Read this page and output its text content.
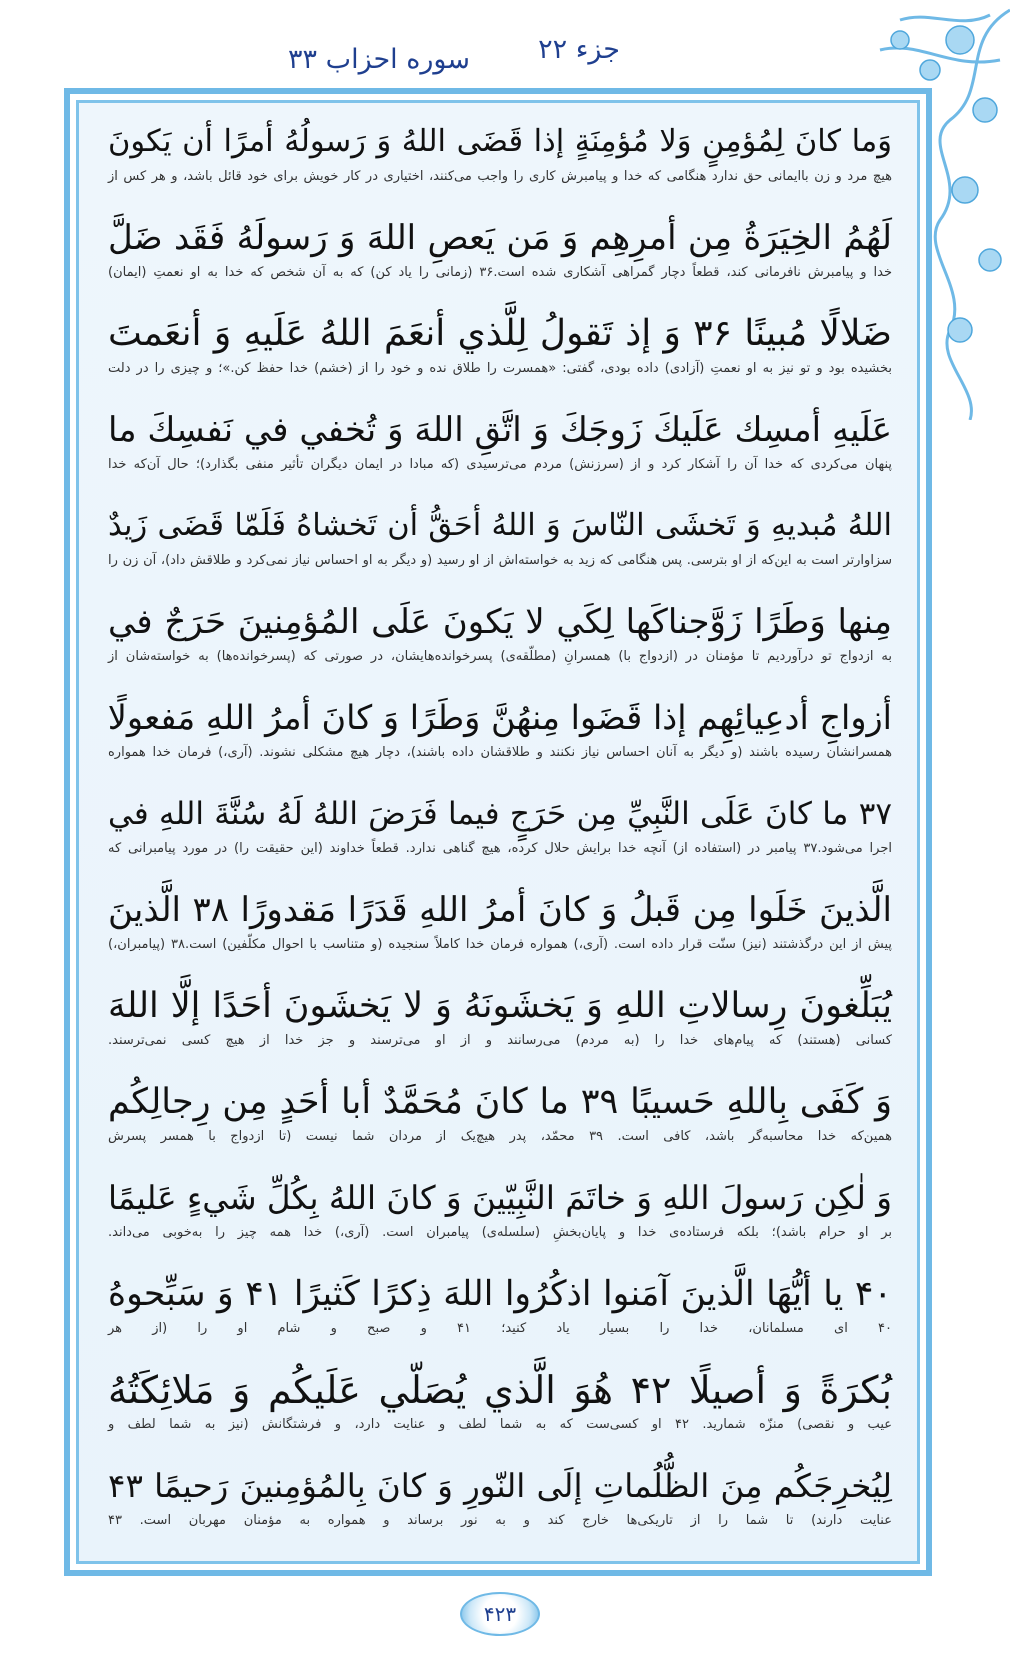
جزء ۲۲
سوره احزاب ۳۳
وَما كانَ لِمُؤمِنٍ وَلا مُؤمِنَةٍ إذا قَضَى اللهُ وَ رَسولُهُ أمرًا أن يَكونَ
هیچ مرد و زن باایمانی حق ندارد هنگامی که خدا و پیامبرش کاری را واجب می‌کنند، اختیاری در کار خویش برای خود قائل باشد، و هر کس از
لَهُمُ الخِيَرَةُ مِن أمرِهِم وَ مَن يَعصِ اللهَ وَ رَسولَهُ فَقَد ضَلَّ
خدا و پیامبرش نافرمانی کند، قطعاً دچار گمراهی آشکاری شده است.۳۶ (زمانی را یاد کن) که به آن شخص که خدا به او نعمتِ (ایمان)
ضَلالًا مُبينًا ۳۶ وَ إذ تَقولُ لِلَّذي أنعَمَ اللهُ عَلَيهِ وَ أنعَمتَ
بخشیده بود و تو نیز به او نعمتِ (آزادی) داده بودی، گفتی: «همسرت را طلاق نده و خود را از (خشم) خدا حفظ کن.»؛ و چیزی را در دلت
عَلَيهِ أمسِك عَلَيكَ زَوجَكَ وَ اتَّقِ اللهَ وَ تُخفي في نَفسِكَ ما
پنهان می‌کردی که خدا آن را آشکار کرد و از (سرزنش) مردم می‌ترسیدی (که مبادا در ایمان دیگران تأثیر منفی بگذارد)؛ حال آن‌که خدا
اللهُ مُبديهِ وَ تَخشَى النّاسَ وَ اللهُ أحَقُّ أن تَخشاهُ فَلَمّا قَضَى زَيدٌ
سزاوارتر است به این‌که از او بترسی. پس هنگامی که زید به خواسته‌اش از او رسید (و دیگر به او احساس نیاز نمی‌کرد و طلاقش داد)، آن زن را
مِنها وَطَرًا زَوَّجناكَها لِكَي لا يَكونَ عَلَى المُؤمِنينَ حَرَجٌ في
به ازدواج تو درآوردیم تا مؤمنان در (ازدواج با) همسرانِ (مطلّقه‌ی) پسرخوانده‌هایشان، در صورتی که (پسرخوانده‌ها) به خواسته‌شان از
أزواجِ أدعِيائِهِم إذا قَضَوا مِنهُنَّ وَطَرًا وَ كانَ أمرُ اللهِ مَفعولًا
همسرانشان رسیده باشند (و دیگر به آنان احساس نیاز نکنند و طلاقشان داده باشند)، دچار هیچ مشکلی نشوند. (آری،) فرمان خدا همواره
۳۷ ما كانَ عَلَى النَّبِيِّ مِن حَرَجٍ فيما فَرَضَ اللهُ لَهُ سُنَّةَ اللهِ في
اجرا می‌شود.۳۷ پیامبر در (استفاده از) آنچه خدا برایش حلال کرده، هیچ گناهی ندارد. قطعاً خداوند (این حقیقت را) در مورد پیامبرانی که
الَّذينَ خَلَوا مِن قَبلُ وَ كانَ أمرُ اللهِ قَدَرًا مَقدورًا ۳۸ الَّذينَ
پیش از این درگذشتند (نیز) سنّت قرار داده است. (آری،) همواره فرمان خدا کاملاً سنجیده (و متناسب با احوال مکلّفین) است.۳۸ (پیامبران،)
يُبَلِّغونَ رِسالاتِ اللهِ وَ يَخشَونَهُ وَ لا يَخشَونَ أحَدًا إلَّا اللهَ
کسانی (هستند) که پیام‌های خدا را (به مردم) می‌رسانند و از او می‌ترسند و جز خدا از هیچ کسی نمی‌ترسند.
وَ كَفَى بِاللهِ حَسيبًا ۳۹ ما كانَ مُحَمَّدٌ أبا أحَدٍ مِن رِجالِكُم
همین‌که خدا محاسبه‌گر باشد، کافی است. ۳۹ محمّد، پدر هیچ‌یک از مردان شما نیست (تا ازدواج با همسر پسرش
وَ لٰكِن رَسولَ اللهِ وَ خاتَمَ النَّبِيّينَ وَ كانَ اللهُ بِكُلِّ شَيءٍ عَليمًا
بر او حرام باشد)؛ بلکه فرستاده‌ی خدا و پایان‌بخشِ (سلسله‌ی) پیامبران است. (آری،) خدا همه چیز را به‌خوبی می‌داند.
۴۰ يا أيُّهَا الَّذينَ آمَنوا اذكُرُوا اللهَ ذِكرًا كَثيرًا ۴۱ وَ سَبِّحوهُ
۴۰ ای مسلمانان، خدا را بسیار یاد کنید؛ ۴۱ و صبح و شام او را (از هر
بُكرَةً وَ أصيلًا ۴۲ هُوَ الَّذي يُصَلّي عَلَيكُم وَ مَلائِكَتُهُ
عیب و نقصی) منزّه شمارید. ۴۲ او کسی‌ست که به شما لطف و عنایت دارد، و فرشتگانش (نیز به شما لطف و
لِيُخرِجَكُم مِنَ الظُّلُماتِ إلَى النّورِ وَ كانَ بِالمُؤمِنينَ رَحيمًا ۴۳
عنایت دارند) تا شما را از تاریکی‌ها خارج کند و به نور برساند و همواره به مؤمنان مهربان است. ۴۳
۴۲۳
